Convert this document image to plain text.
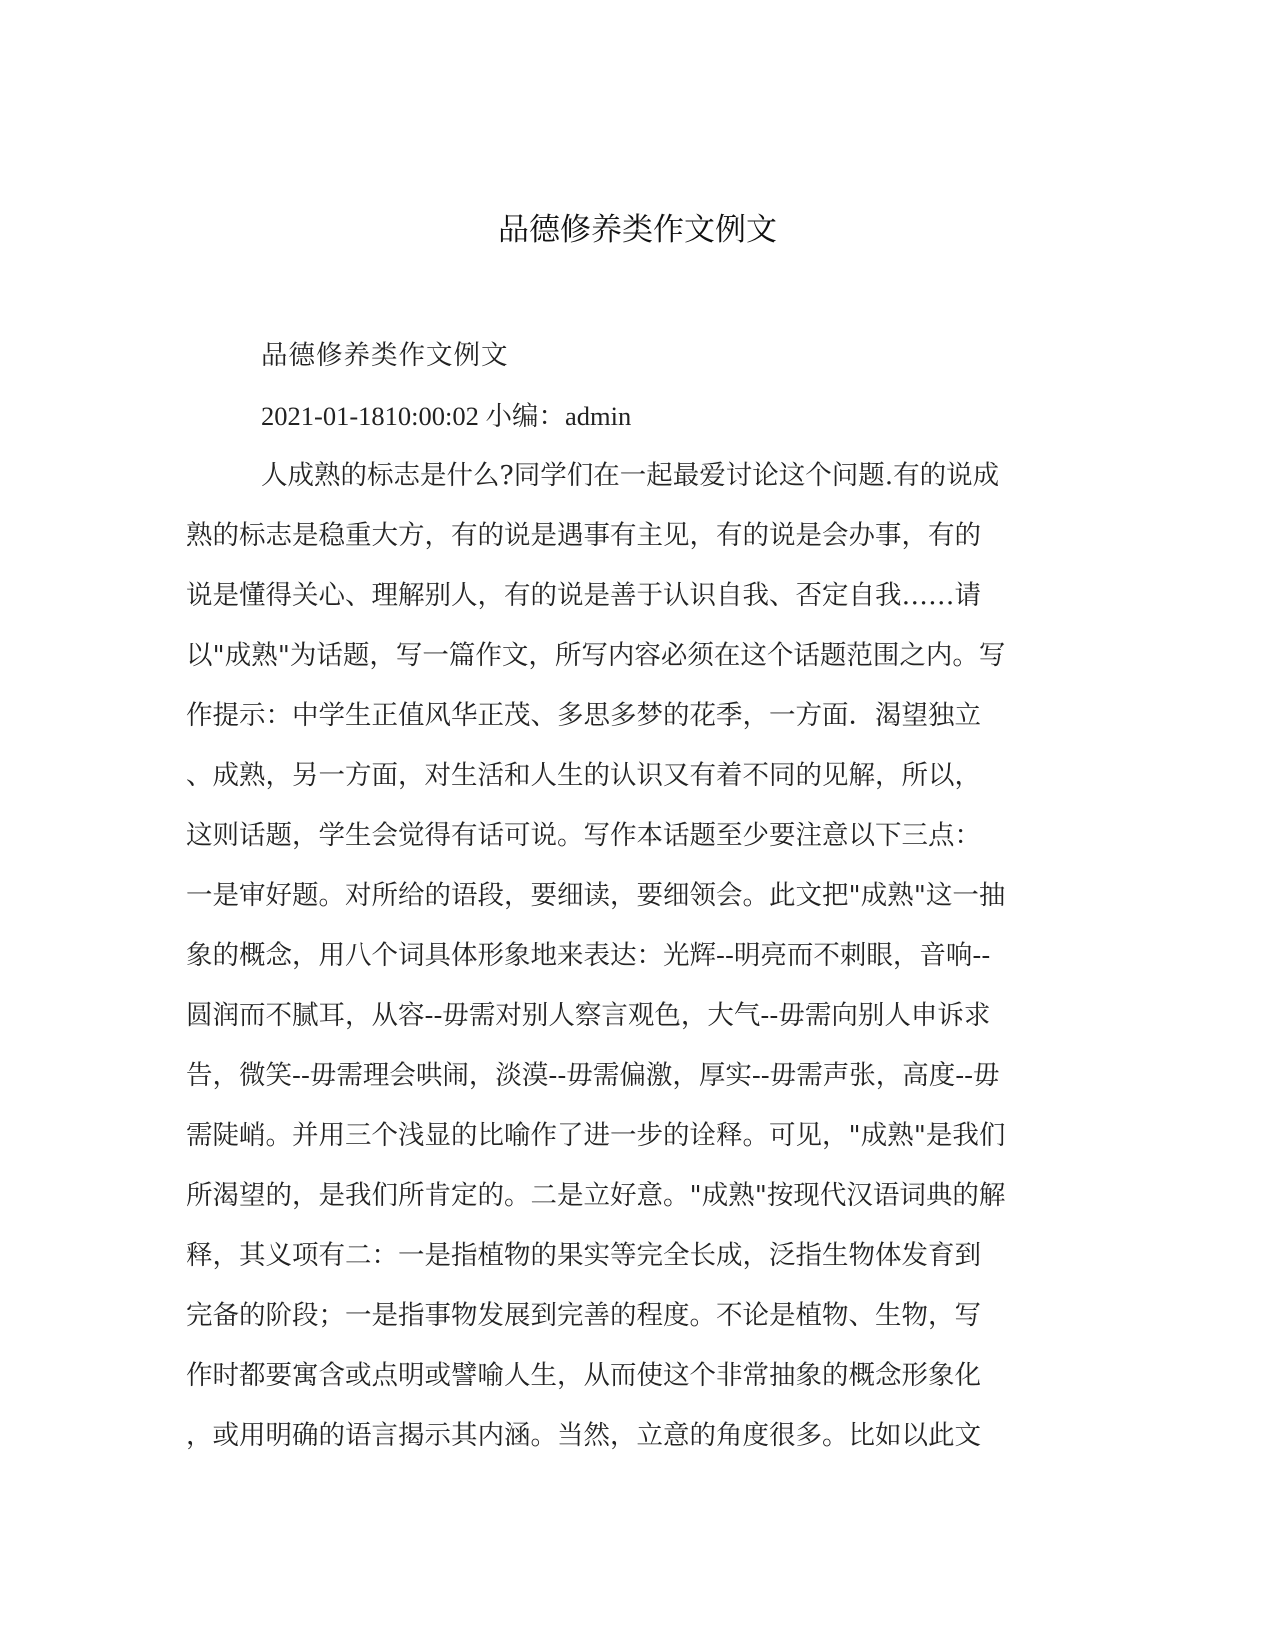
品德修养类作文例文
品德修养类作文例文
2021-01-1810:00:02 小编：admin
人成熟的标志是什么?同学们在一起最爱讨论这个问题.有的说成
熟的标志是稳重大方，有的说是遇事有主见，有的说是会办事，有的
说是懂得关心、理解别人，有的说是善于认识自我、否定自我……请
以"成熟"为话题，写一篇作文，所写内容必须在这个话题范围之内。写
作提示：中学生正值风华正茂、多思多梦的花季，一方面．渴望独立
、成熟，另一方面，对生活和人生的认识又有着不同的见解，所以，
这则话题，学生会觉得有话可说。写作本话题至少要注意以下三点：
一是审好题。对所给的语段，要细读，要细领会。此文把"成熟"这一抽
象的概念，用八个词具体形象地来表达：光辉--明亮而不刺眼，音响--
圆润而不腻耳，从容--毋需对别人察言观色，大气--毋需向别人申诉求
告，微笑--毋需理会哄闹，淡漠--毋需偏激，厚实--毋需声张，高度--毋
需陡峭。并用三个浅显的比喻作了进一步的诠释。可见，"成熟"是我们
所渴望的，是我们所肯定的。二是立好意。"成熟"按现代汉语词典的解
释，其义项有二：一是指植物的果实等完全长成，泛指生物体发育到
完备的阶段；一是指事物发展到完善的程度。不论是植物、生物，写
作时都要寓含或点明或譬喻人生，从而使这个非常抽象的概念形象化
，或用明确的语言揭示其内涵。当然，立意的角度很多。比如以此文
